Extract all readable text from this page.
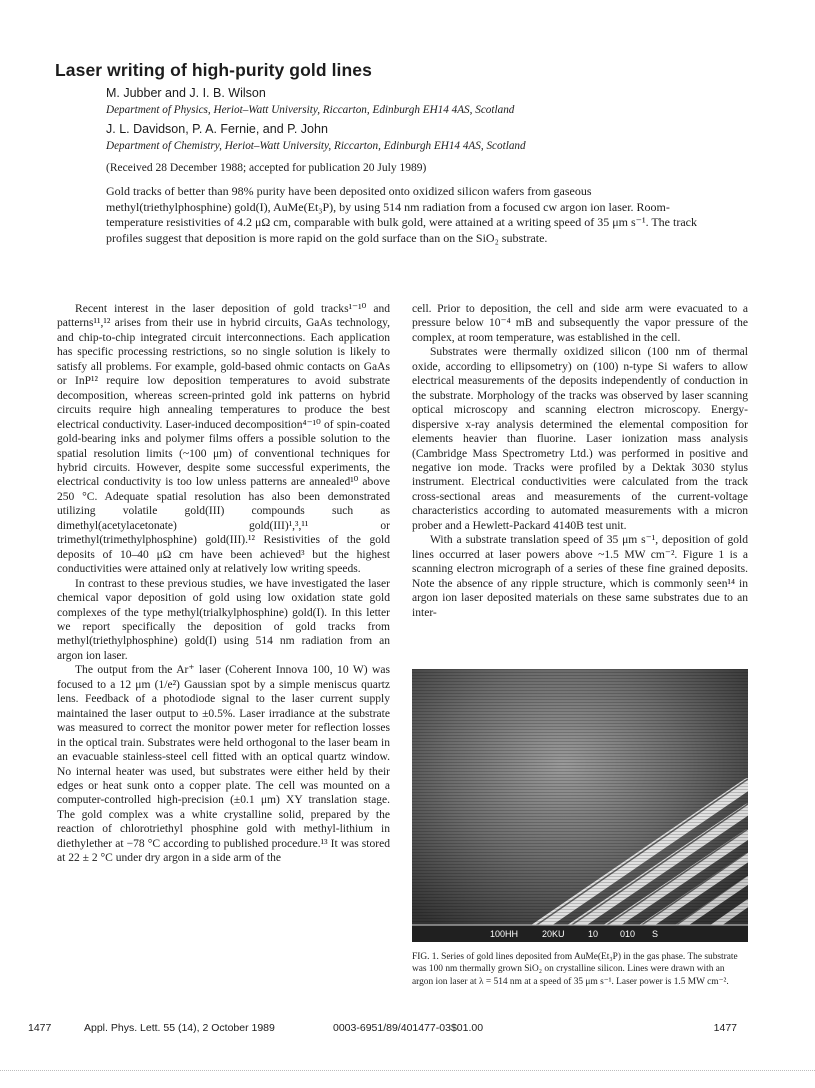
Laser writing of high-purity gold lines

M. Jubber and J. I. B. Wilson

Department of Physics, Heriot–Watt University, Riccarton, Edinburgh EH14 4AS, Scotland

J. L. Davidson, P. A. Fernie, and P. John

Department of Chemistry, Heriot–Watt University, Riccarton, Edinburgh EH14 4AS, Scotland

(Received 28 December 1988; accepted for publication 20 July 1989)

Gold tracks of better than 98% purity have been deposited onto oxidized silicon wafers from gaseous methyl(triethylphosphine) gold(I), AuMe(Et₃P), by using 514 nm radiation from a focused cw argon ion laser. Room-temperature resistivities of 4.2 μΩ cm, comparable with bulk gold, were attained at a writing speed of 35 μm s⁻¹. The track profiles suggest that deposition is more rapid on the gold surface than on the SiO₂ substrate.

Recent interest in the laser deposition of gold tracks¹⁻¹⁰ and patterns¹¹,¹² arises from their use in hybrid circuits, GaAs technology, and chip-to-chip integrated circuit interconnections. Each application has specific processing restrictions, so no single solution is likely to satisfy all problems. For example, gold-based ohmic contacts on GaAs or InP¹² require low deposition temperatures to avoid substrate decomposition, whereas screen-printed gold ink patterns on hybrid circuits require high annealing temperatures to produce the best electrical conductivity. Laser-induced decomposition⁴⁻¹⁰ of spin-coated gold-bearing inks and polymer films offers a possible solution to the spatial resolution limits (~100 μm) of conventional techniques for hybrid circuits. However, despite some successful experiments, the electrical conductivity is too low unless patterns are annealed¹⁰ above 250 °C. Adequate spatial resolution has also been demonstrated utilizing volatile gold(III) compounds such as dimethyl(acetylacetonate) gold(III)¹,³,¹¹ or trimethyl(trimethylphosphine) gold(III).¹² Resistivities of the gold deposits of 10–40 μΩ cm have been achieved³ but the highest conductivities were attained only at relatively low writing speeds.

In contrast to these previous studies, we have investigated the laser chemical vapor deposition of gold using low oxidation state gold complexes of the type methyl(trialkylphosphine) gold(I). In this letter we report specifically the deposition of gold tracks from methyl(triethylphosphine) gold(I) using 514 nm radiation from an argon ion laser.

The output from the Ar⁺ laser (Coherent Innova 100, 10 W) was focused to a 12 μm (1/e²) Gaussian spot by a simple meniscus quartz lens. Feedback of a photodiode signal to the laser current supply maintained the laser output to ±0.5%. Laser irradiance at the substrate was measured to correct the monitor power meter for reflection losses in the optical train. Substrates were held orthogonal to the laser beam in an evacuable stainless-steel cell fitted with an optical quartz window. No internal heater was used, but substrates were either held by their edges or heat sunk onto a copper plate. The cell was mounted on a computer-controlled high-precision (±0.1 μm) XY translation stage. The gold complex was a white crystalline solid, prepared by the reaction of chlorotriethyl phosphine gold with methyl-lithium in diethylether at −78 °C according to published procedure.¹³ It was stored at 22 ± 2 °C under dry argon in a side arm of the

cell. Prior to deposition, the cell and side arm were evacuated to a pressure below 10⁻⁴ mB and subsequently the vapor pressure of the complex, at room temperature, was established in the cell.

Substrates were thermally oxidized silicon (100 nm of thermal oxide, according to ellipsometry) on (100) n-type Si wafers to allow electrical measurements of the deposits independently of conduction in the substrate. Morphology of the tracks was observed by laser scanning optical microscopy and scanning electron microscopy. Energy-dispersive x-ray analysis determined the elemental composition for elements heavier than fluorine. Laser ionization mass analysis (Cambridge Mass Spectrometry Ltd.) was performed in positive and negative ion mode. Tracks were profiled by a Dektak 3030 stylus instrument. Electrical conductivities were calculated from the track cross-sectional areas and measurements of the current-voltage characteristics according to automated measurements with a micron prober and a Hewlett-Packard 4140B test unit.

With a substrate translation speed of 35 μm s⁻¹, deposition of gold lines occurred at laser powers above ~1.5 MW cm⁻². Figure 1 is a scanning electron micrograph of a series of these fine grained deposits. Note the absence of any ripple structure, which is commonly seen¹⁴ in argon ion laser deposited materials on these same substrates due to an inter-

100НН	20KU	10 010 S

FIG. 1. Series of gold lines deposited from AuMe(Et₃P) in the gas phase. The substrate was 100 nm thermally grown SiO₂ on crystalline silicon. Lines were drawn with an argon ion laser at λ = 514 nm at a speed of 35 μm s⁻¹. Laser power is 1.5 MW cm⁻².

1477	Appl. Phys. Lett. 55 (14), 2 October 1989	0003-6951/89/401477-03$01.00	1477
